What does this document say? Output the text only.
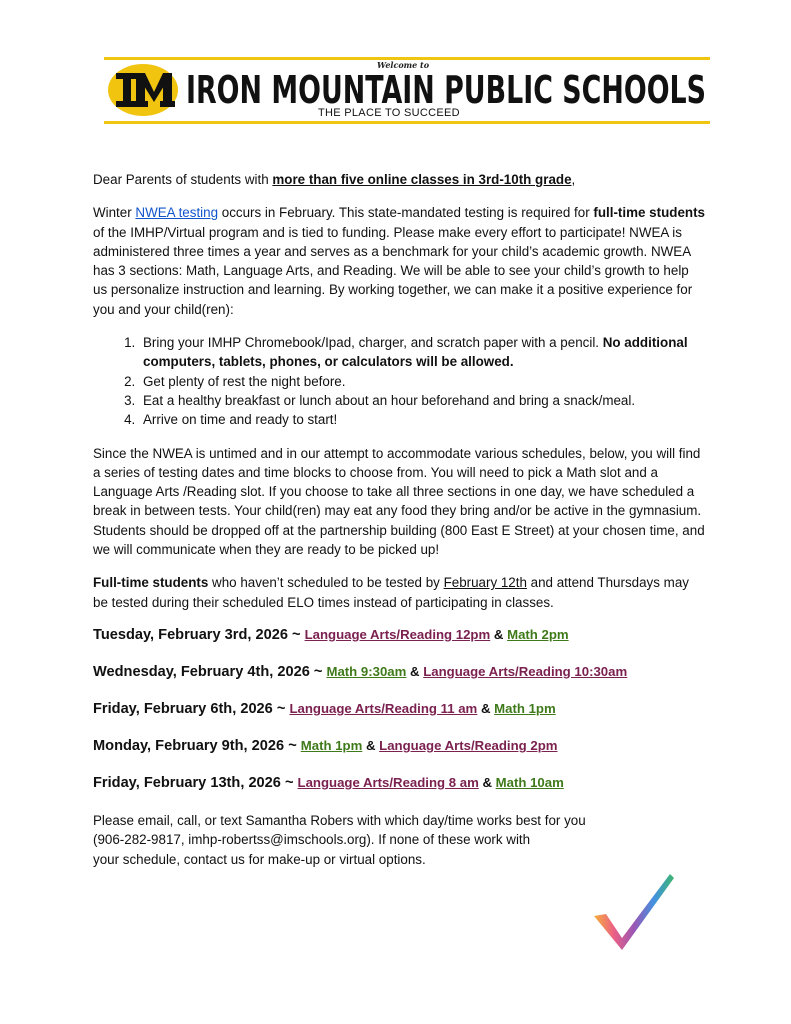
Welcome to
IRON MOUNTAIN PUBLIC SCHOOLS
THE PLACE TO SUCCEED

Dear Parents of students with more than five online classes in 3rd-10th grade,

Winter NWEA testing occurs in February. This state-mandated testing is required for full-time students of the IMHP/Virtual program and is tied to funding. Please make every effort to participate! NWEA is administered three times a year and serves as a benchmark for your child’s academic growth. NWEA has 3 sections: Math, Language Arts, and Reading. We will be able to see your child’s growth to help us personalize instruction and learning. By working together, we can make it a positive experience for you and your child(ren):

1. Bring your IMHP Chromebook/Ipad, charger, and scratch paper with a pencil. No additional computers, tablets, phones, or calculators will be allowed.
2. Get plenty of rest the night before.
3. Eat a healthy breakfast or lunch about an hour beforehand and bring a snack/meal.
4. Arrive on time and ready to start!

Since the NWEA is untimed and in our attempt to accommodate various schedules, below, you will find a series of testing dates and time blocks to choose from. You will need to pick a Math slot and a Language Arts /Reading slot. If you choose to take all three sections in one day, we have scheduled a break in between tests. Your child(ren) may eat any food they bring and/or be active in the gymnasium. Students should be dropped off at the partnership building (800 East E Street) at your chosen time, and we will communicate when they are ready to be picked up!

Full-time students who haven’t scheduled to be tested by February 12th and attend Thursdays may be tested during their scheduled ELO times instead of participating in classes.

Tuesday, February 3rd, 2026 ~ Language Arts/Reading 12pm & Math 2pm

Wednesday, February 4th, 2026 ~ Math 9:30am & Language Arts/Reading 10:30am

Friday, February 6th, 2026 ~ Language Arts/Reading 11 am & Math 1pm

Monday, February 9th, 2026 ~ Math 1pm & Language Arts/Reading 2pm

Friday, February 13th, 2026 ~ Language Arts/Reading 8 am & Math 10am

Please email, call, or text Samantha Robers with which day/time works best for you
(906-282-9817, imhp-robertss@imschools.org). If none of these work with
your schedule, contact us for make-up or virtual options.	GOOD LUCK POSITIVE THINK
